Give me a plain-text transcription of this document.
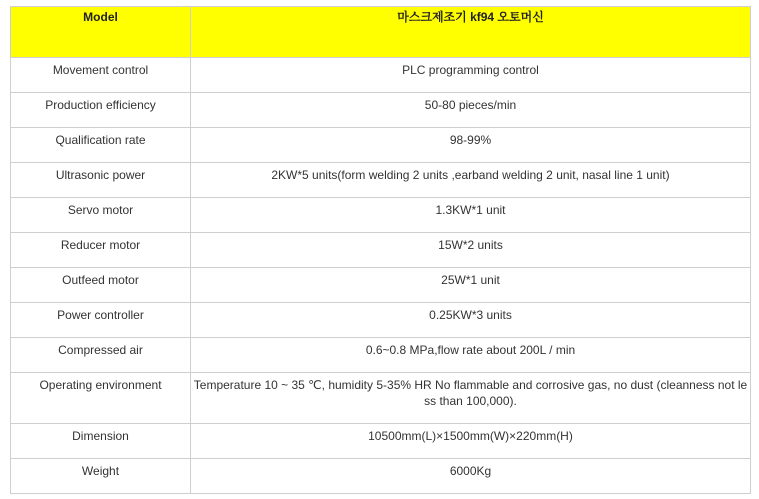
Model	마스크제조기 kf94 오토머신
Movement control	PLC programming control
Production efficiency	50-80 pieces/min
Qualification rate	98-99%
Ultrasonic power	2KW*5 units(form welding 2 units ,earband welding 2 unit, nasal line 1 unit)
Servo motor	1.3KW*1 unit
Reducer motor	15W*2 units
Outfeed motor	25W*1 unit
Power controller	0.25KW*3 units
Compressed air	0.6~0.8 MPa,flow rate about 200L / min
Operating environment	Temperature 10 ~ 35 ℃, humidity 5-35% HR No flammable and corrosive gas, no dust (cleanness not less than 100,000).
Dimension	10500mm(L)×1500mm(W)×220mm(H)
Weight	6000Kg
